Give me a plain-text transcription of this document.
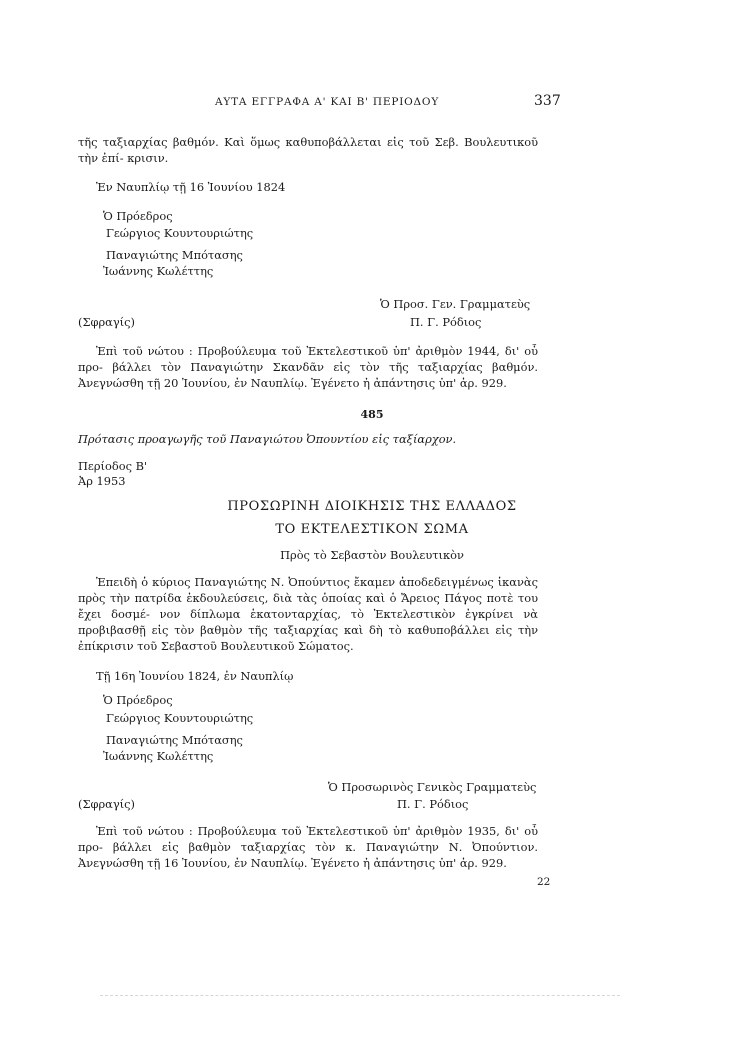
ΑΥΤΑ ΕΓΓΡΑΦΑ Α' ΚΑΙ Β' ΠΕΡΙΟΔΟΥ	337
τῆς ταξιαρχίας βαθμόν. Καὶ ὅμως καθυποβάλλεται εἰς τοῦ Σεβ. Βουλευτικοῦ τὴν ἐπί- κρισιν.
Ἐν Ναυπλίῳ τῇ 16 Ἰουνίου 1824
Ὁ Πρόεδρος
Γεώργιος Κουντουριώτης
Παναγιώτης Μπότασης
Ἰωάννης Κωλέττης
Ὁ Προσ. Γεν. Γραμματεὺς
(Σφραγίς)	Π. Γ. Ρόδιος
Ἐπὶ τοῦ νώτου : Προβούλευμα τοῦ Ἐκτελεστικοῦ ὑπ' ἀριθμὸν 1944, δι' οὗ προ- βάλλει τὸν Παναγιώτην Σκανδᾶν εἰς τὸν τῆς ταξιαρχίας βαθμόν. Ἀνεγνώσθη τῇ 20 Ἰουνίου, ἐν Ναυπλίῳ. Ἐγένετο ἡ ἀπάντησις ὑπ' ἀρ. 929.
485
Πρότασις προαγωγῆς τοῦ Παναγιώτου Ὀπουντίου εἰς ταξίαρχον.
Περίοδος Β'
Ἀρ 1953
ΠΡΟΣΩΡΙΝΗ ΔΙΟΙΚΗΣΙΣ ΤΗΣ ΕΛΛΑΔΟΣ
ΤΟ ΕΚΤΕΛΕΣΤΙΚΟΝ ΣΩΜΑ
Πρὸς τὸ Σεβαστὸν Βουλευτικὸν
Ἐπειδὴ ὁ κύριος Παναγιώτης Ν. Ὀπούντιος ἔκαμεν ἀποδεδειγμένως ἱκανὰς πρὸς τὴν πατρίδα ἐκδουλεύσεις, διὰ τὰς ὁποίας καὶ ὁ Ἄρειος Πάγος ποτὲ του ἔχει δοσμέ- νον δίπλωμα ἑκατονταρχίας, τὸ Ἐκτελεστικὸν ἐγκρίνει νὰ προβιβασθῇ εἰς τὸν βαθμὸν τῆς ταξιαρχίας καὶ δὴ τὸ καθυποβάλλει εἰς τὴν ἐπίκρισιν τοῦ Σεβαστοῦ Βουλευτικοῦ Σώματος.
Τῇ 16η Ἰουνίου 1824, ἐν Ναυπλίῳ
Ὁ Πρόεδρος
Γεώργιος Κουντουριώτης
Παναγιώτης Μπότασης
Ἰωάννης Κωλέττης
Ὁ Προσωρινὸς Γενικὸς Γραμματεὺς
(Σφραγίς)	Π. Γ. Ρόδιος
Ἐπὶ τοῦ νώτου : Προβούλευμα τοῦ Ἐκτελεστικοῦ ὑπ' ἀριθμὸν 1935, δι' οὗ προ- βάλλει εἰς βαθμὸν ταξιαρχίας τὸν κ. Παναγιώτην Ν. Ὀπούντιον. Ἀνεγνώσθη τῇ 16 Ἰουνίου, ἐν Ναυπλίῳ. Ἐγένετο ἡ ἀπάντησις ὑπ' ἀρ. 929.
22
